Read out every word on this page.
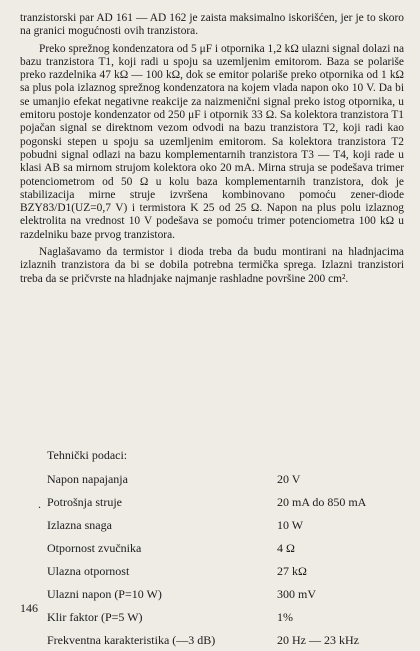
tranzistorski par AD 161 — AD 162 je zaista maksimalno iskorišćen, jer je to skoro na granici mogućnosti ovih tranzistora.

Preko sprežnog kondenzatora od 5 μF i otpornika 1,2 kΩ ulazni signal dolazi na bazu tranzistora T1, koji radi u spoju sa uzemljenim emitorom. Baza se polariše preko razdelnika 47 kΩ — 100 kΩ, dok se emitor polariše preko otpornika od 1 kΩ sa plus pola izlaznog sprežnog kondenzatora na kojem vlada napon oko 10 V. Da bi se umanjio efekat negativne reakcije za naizmenični signal preko istog otpornika, u emitoru postoje kondenzator od 250 μF i otpornik 33 Ω. Sa kolektora tranzistora T1 pojačan signal se direktnom vezom odvodi na bazu tranzistora T2, koji radi kao pogonski stepen u spoju sa uzemljenim emitorom. Sa kolektora tranzistora T2 pobudni signal odlazi na bazu komplementarnih tranzistora T3 — T4, koji rade u klasi AB sa mirnom strujom kolektora oko 20 mA. Mirna struja se podešava trimer potenciometrom od 50 Ω u kolu baza komplementarnih tranzistora, dok je stabilizacija mirne struje izvršena kombinovano pomoću zener-diode BZY83/D1(UZ=0,7 V) i termistora K 25 od 25 Ω. Napon na plus polu izlaznog elektrolita na vrednost 10 V podešava se pomoću trimer potenciometra 100 kΩ u razdelniku baze prvog tranzistora.

Naglašavamo da termistor i dioda treba da budu montirani na hladnjacima izlaznih tranzistora da bi se dobila potrebna termička sprega. Izlazni tranzistori treba da se pričvrste na hladnjake najmanje rashladne površine 200 cm².

Tehnički podaci:
Napon napajanja	20 V
. Potrošnja struje	20 mA do 850 mA
Izlazna snaga	10 W
Otpornost zvučnika	4 Ω
Ulazna otpornost	27 kΩ
Ulazni napon (P=10 W)	300 mV
Klir faktor (P=5 W)	1%
Frekventna karakteristika (—3 dB)	20 Hz — 23 kHz
146
